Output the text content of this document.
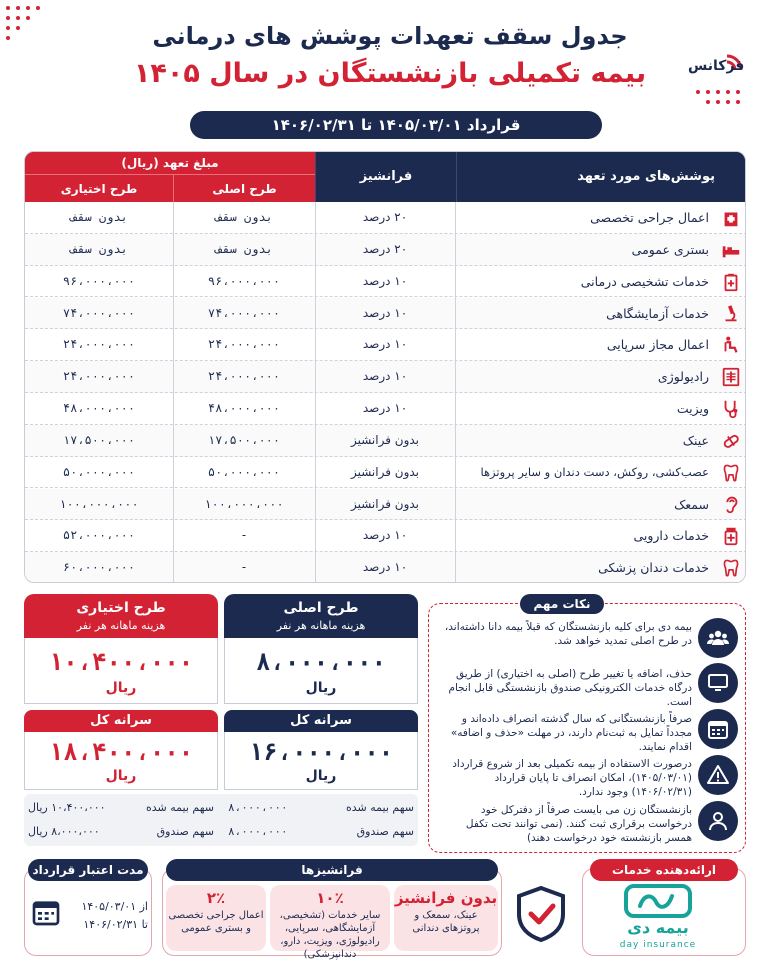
فرکانس
جدول سقف تعهدات پوشش های درمانی
بیمه تکمیلی بازنشستگان در سال ۱۴۰۵
قرارداد ۱۴۰۵/۰۳/۰۱ تا ۱۴۰۶/۰۲/۳۱
پوشش‌های مورد تعهد
فرانشیز
مبلغ تعهد (ریال)
طرح اصلی
طرح اختیاری
اعمال جراحی تخصصی
۲۰ درصد
بدون سقف
بدون سقف
بستری عمومی
۲۰ درصد
بدون سقف
بدون سقف
خدمات تشخیصی درمانی
۱۰ درصد
۹۶،۰۰۰،۰۰۰
۹۶،۰۰۰،۰۰۰
خدمات آزمایشگاهی
۱۰ درصد
۷۴،۰۰۰،۰۰۰
۷۴،۰۰۰،۰۰۰
اعمال مجاز سرپایی
۱۰ درصد
۲۴،۰۰۰،۰۰۰
۲۴،۰۰۰،۰۰۰
رادیولوژی
۱۰ درصد
۲۴،۰۰۰،۰۰۰
۲۴،۰۰۰،۰۰۰
ویزیت
۱۰ درصد
۴۸،۰۰۰،۰۰۰
۴۸،۰۰۰،۰۰۰
عینک
بدون فرانشیز
۱۷،۵۰۰،۰۰۰
۱۷،۵۰۰،۰۰۰
عصب‌کشی، روکش، دست دندان و سایر پروتزها
بدون فرانشیز
۵۰،۰۰۰،۰۰۰
۵۰،۰۰۰،۰۰۰
سمعک
بدون فرانشیز
۱۰۰،۰۰۰،۰۰۰
۱۰۰،۰۰۰،۰۰۰
خدمات دارویی
۱۰ درصد
-
۵۲،۰۰۰،۰۰۰
خدمات دندان پزشکی
۱۰ درصد
-
۶۰،۰۰۰،۰۰۰
طرح اختیاری
هزینه ماهانه هر نفر
۱۰،۴۰۰،۰۰۰
ریال
سرانه کل
۱۸،۴۰۰،۰۰۰
ریال
طرح اصلی
هزینه ماهانه هر نفر
۸،۰۰۰،۰۰۰
ریال
سرانه کل
۱۶،۰۰۰،۰۰۰
ریال
سهم بیمه شده
۸،۰۰۰،۰۰۰
سهم صندوق
۸،۰۰۰،۰۰۰
سهم بیمه شده
۱۰،۴۰۰،۰۰۰ ریال
سهم صندوق
۸،۰۰۰،۰۰۰ ریال
نکات مهم
بیمه دی برای کلیه بازنشستگان که قبلاً بیمه دانا داشته‌اند، در طرح اصلی تمدید خواهد شد.
حذف، اضافه یا تغییر طرح (اصلی به اختیاری) از طریق درگاه خدمات الکترونیکی صندوق بازنشستگی قابل انجام است.
صرفاً بازنشستگانی که سال گذشته انصراف داده‌اند و مجدداً تمایل به ثبت‌نام دارند، در مهلت «حذف و اضافه» اقدام نمایند.
درصورت الاستفاده از بیمه تکمیلی بعد از شروع قرارداد (۱۴۰۵/۰۳/۰۱)، امکان انصراف تا پایان قرارداد (۱۴۰۶/۰۲/۳۱) وجود ندارد.
بازنشستگان زن می بایست صرفاً از دفترکل خود درخواست برقراری ثبت کنند. (نمی توانند تحت تکفل همسر بازنشسته خود درخواست دهند)
مدت اعتبار قرارداد
از ۱۴۰۵/۰۳/۰۱
تا ۱۴۰۶/۰۲/۳۱
فرانشیزها
بدون فرانشیز
عینک، سمعک و پروتزهای دندانی
۱۰٪
سایر خدمات (تشخیصی، آزمایشگاهی، سرپایی، رادیولوژی، ویزیت، دارو، دندانپزشکی)
۲٪
اعمال جراحی تخصصی و بستری عمومی
ارائه‌دهنده خدمات
بیمه دی
day insurance
